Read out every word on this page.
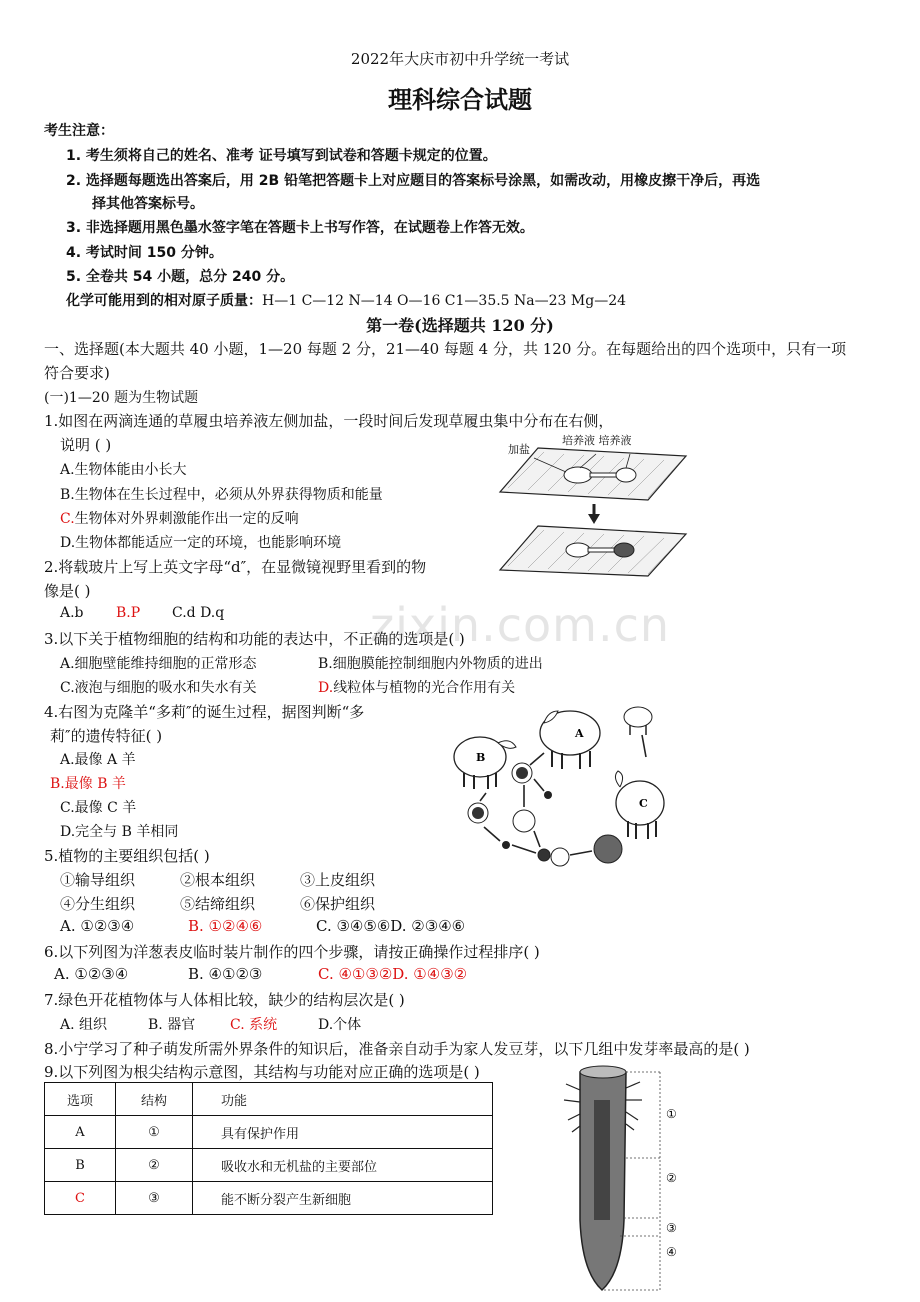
2022年大庆市初中升学统一考试
理科综合试题
考生注意：
1. 考生须将自己的姓名、准考 证号填写到试卷和答题卡规定的位置。
2. 选择题每题选出答案后，用 2B 铅笔把答题卡上对应题目的答案标号涂黑，如需改动，用橡皮擦干净后，再选
择其他答案标号。
3. 非选择题用黑色墨水签字笔在答题卡上书写作答，在试题卷上作答无效。
4. 考试时间 150 分钟。
5. 全卷共 54 小题，总分 240 分。
化学可能用到的相对原子质量：H—1 C—12 N—14 O—16 C1—35.5 Na—23 Mg—24
第一卷(选择题共 120 分)
一、选择题(本大题共 40 小题，1—20 每题 2 分，21—40 每题 4 分，共 120 分。在每题给出的四个选项中，只有一项
符合要求)
(一)1—20 题为生物试题
1.如图在两滴连通的草履虫培养液左侧加盐，一段时间后发现草履虫集中分布在右侧，
说明 ( )
A.生物体能由小长大
B.生物体在生长过程中，必须从外界获得物质和能量
C.生物体对外界刺激能作出一定的反响
D.生物体都能适应一定的环境，也能影响环境
加盐
培养液 培养液
2.将载玻片上写上英文字母“d″，在显微镜视野里看到的物
像是( )
A.b B.P C.d D.q
3.以下关于植物细胞的结构和功能的表达中，不正确的选项是( )
A.细胞壁能维持细胞的正常形态	B.细胞膜能控制细胞内外物质的进出
C.液泡与细胞的吸水和失水有关	D.线粒体与植物的光合作用有关
4.右图为克隆羊“多莉″的诞生过程，据图判断“多
莉″的遗传特征( )
A.最像 A 羊
B.最像 B 羊
C.最像 C 羊
D.完全与 B 羊相同
A
B
C
5.植物的主要组织包括( )
①输导组织	②根本组织	③上皮组织
④分生组织	⑤结缔组织	⑥保护组织
A. ①②③④	B. ①②④⑥	C. ③④⑤⑥D. ②③④⑥
6.以下列图为洋葱表皮临时装片制作的四个步骤，请按正确操作过程排序( )
A. ①②③④	B. ④①②③	C. ④①③②D. ①④③②
7.绿色开花植物体与人体相比较，缺少的结构层次是( )
A. 组织	B. 器官 C. 系统	D.个体
8.小宁学习了种子萌发所需外界条件的知识后，准备亲自动手为家人发豆芽，以下几组中发芽率最高的是( )
9.以下列图为根尖结构示意图，其结构与功能对应正确的选项是( )
选项	结构	功能
A	①	具有保护作用
B	②	吸收水和无机盐的主要部位
C	③	能不断分裂产生新细胞
①
②
③
④
zixin.com.cn
